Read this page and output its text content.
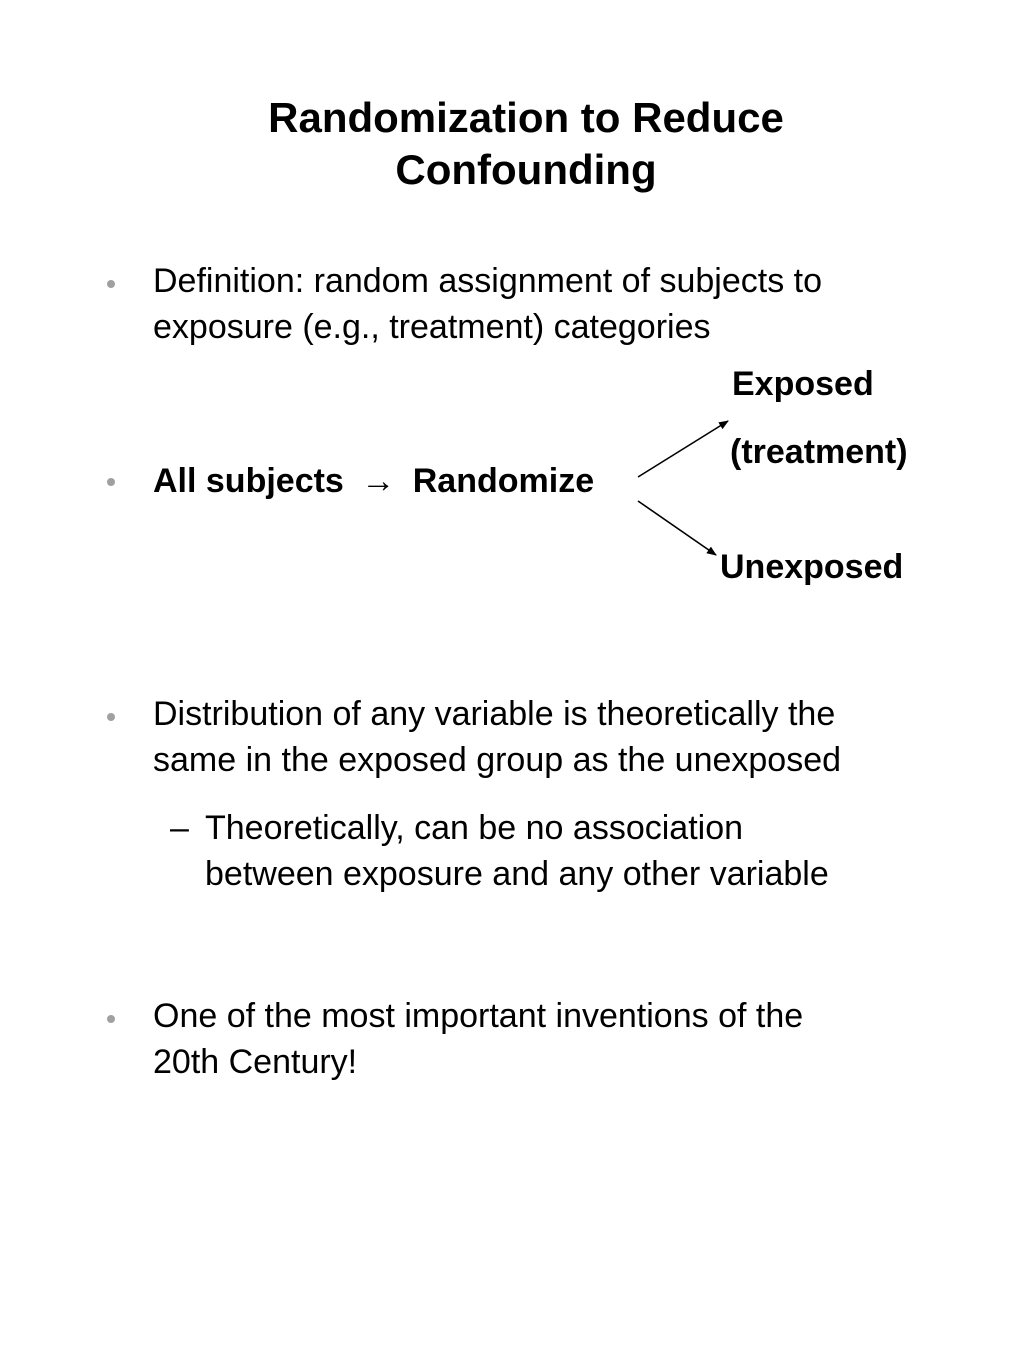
Randomization to Reduce
Confounding
Definition: random assignment of subjects to
exposure (e.g., treatment) categories
All subjects → Randomize
Exposed
(treatment)
Unexposed
Distribution of any variable is theoretically the
same in the exposed group as the unexposed
– Theoretically, can be no association
between exposure and any other variable
One of the most important inventions of the
20th Century!
